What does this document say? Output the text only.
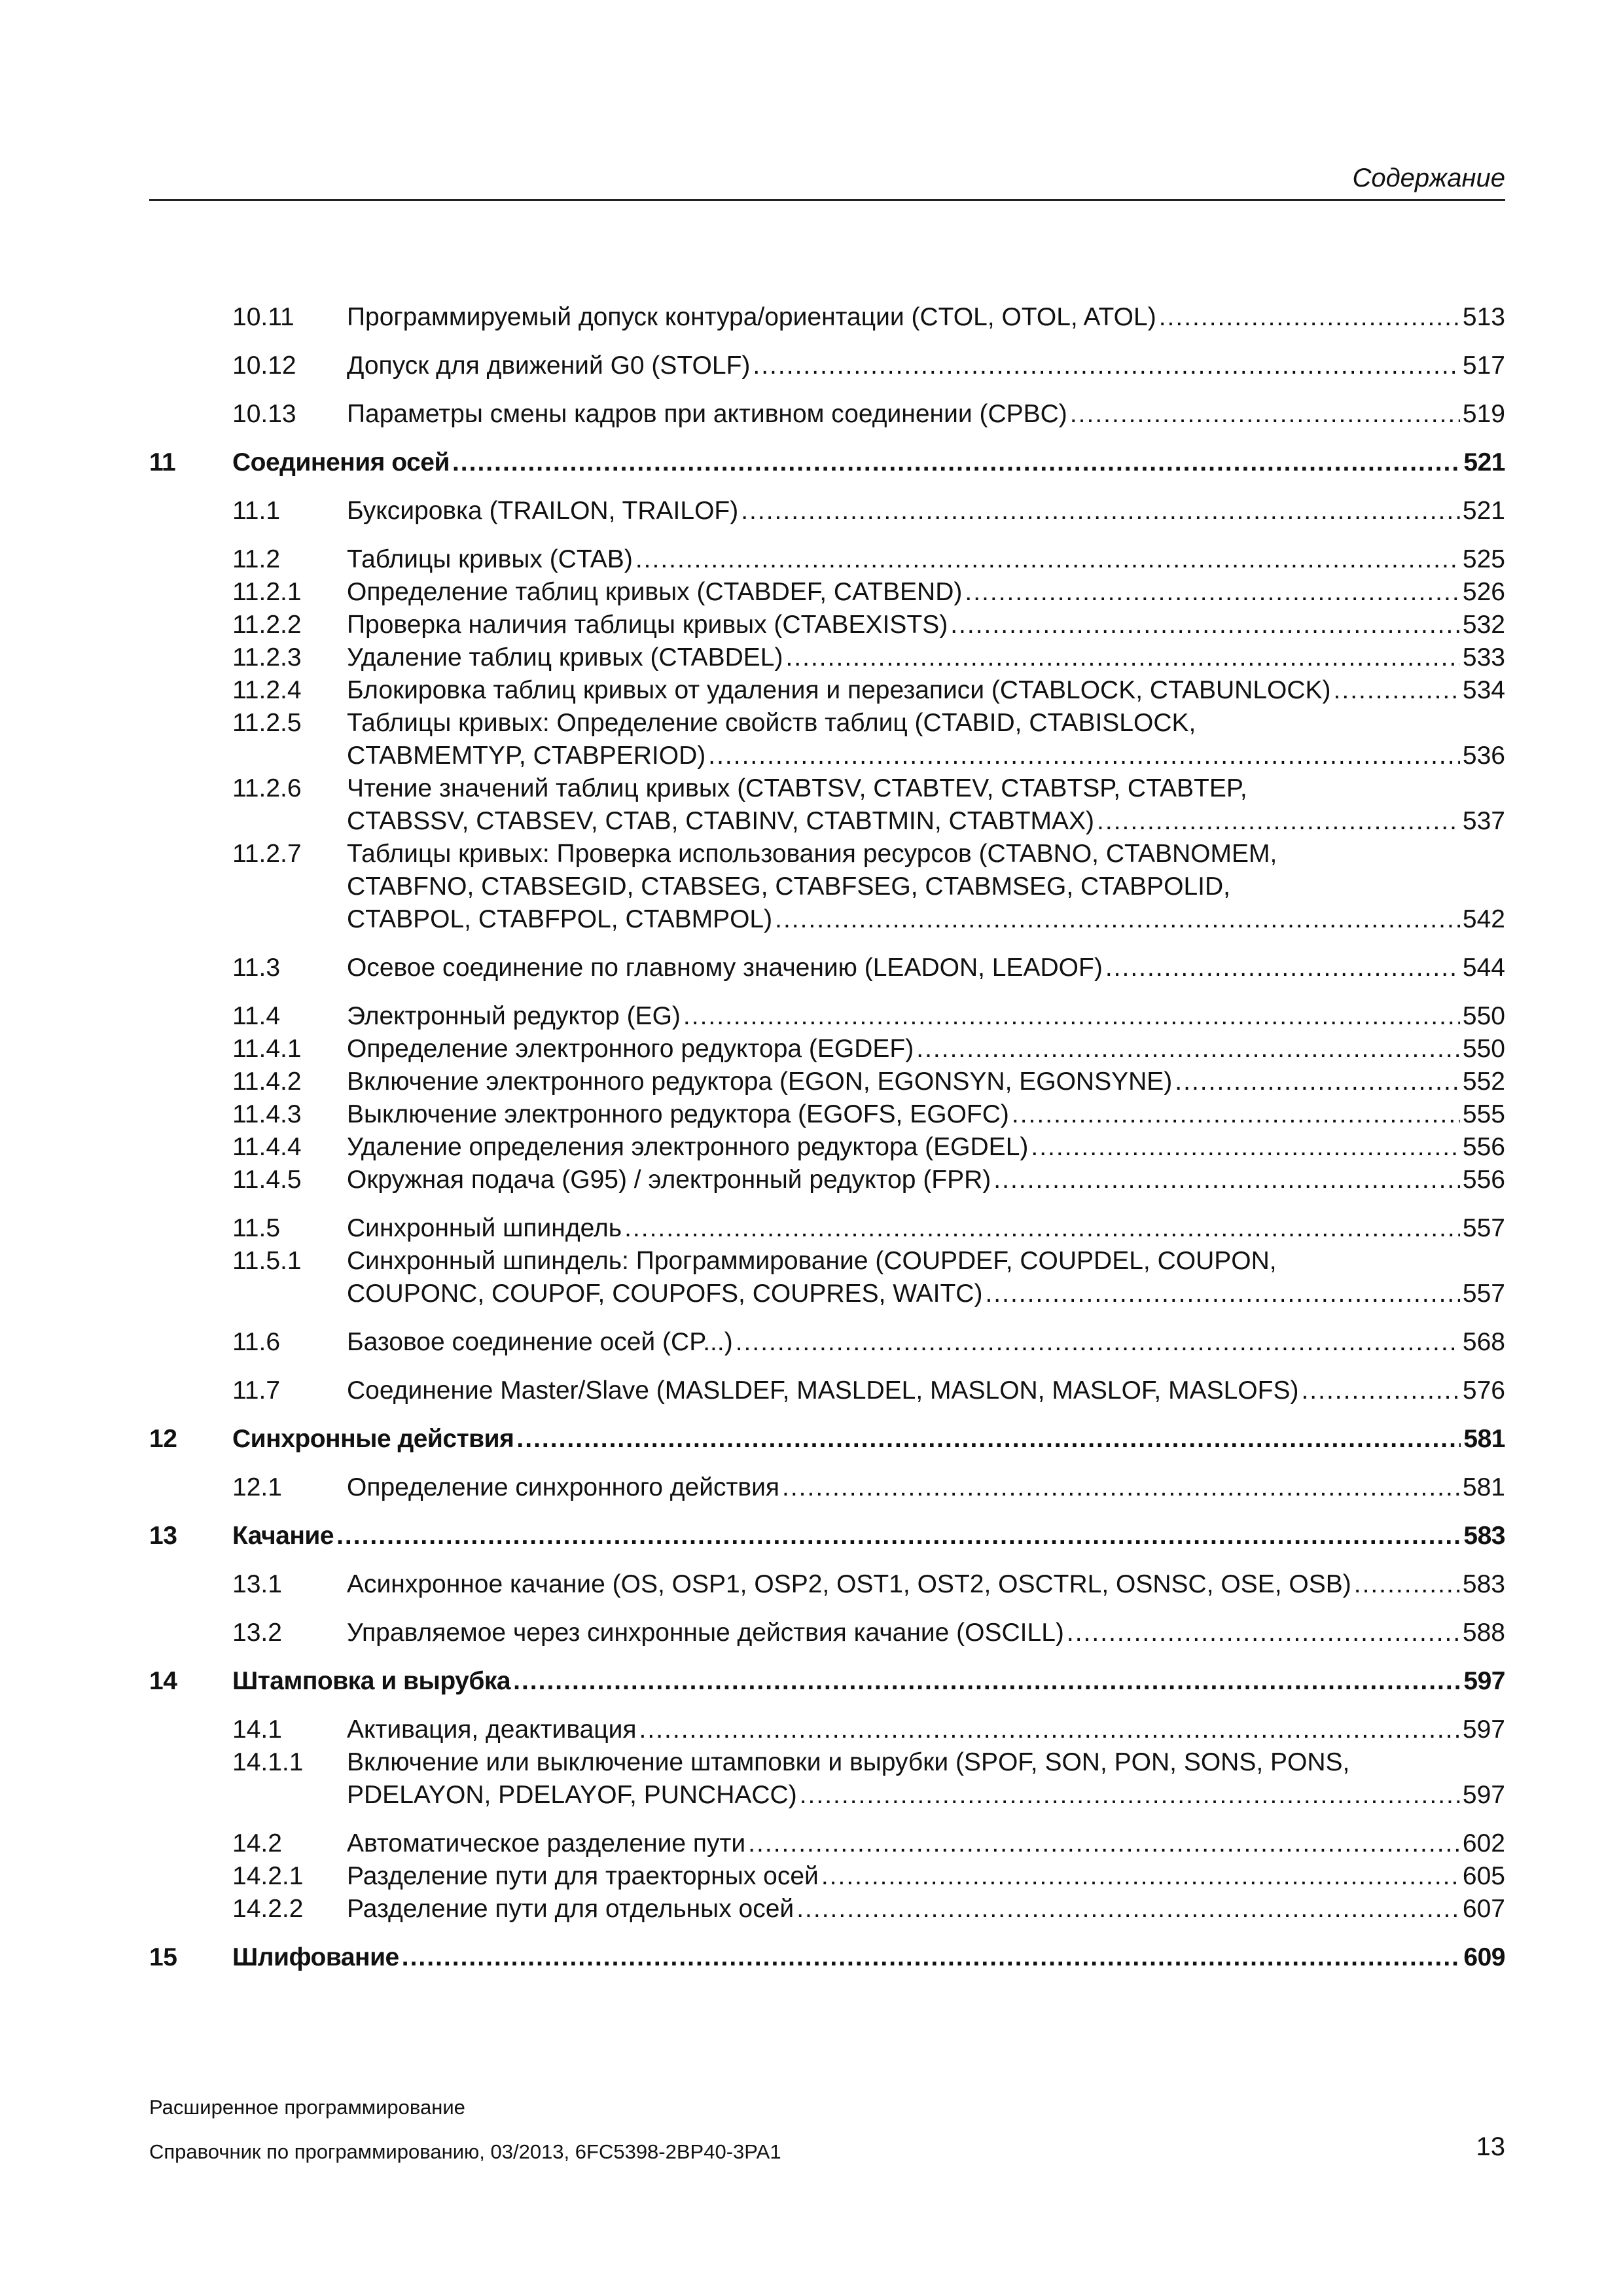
Содержание
10.11 Программируемый допуск контура/ориентации (CTOL, OTOL, ATOL) .....	513
10.12 Допуск для движений G0 (STOLF) .....	517
10.13 Параметры смены кадров при активном соединении (CPBC) .....	519
11 Соединения осей .....	521
11.1	Буксировка (TRAILON, TRAILOF) .....	521
11.2	Таблицы кривых (CTAB) .....	525
11.2.1 Определение таблиц кривых (CTABDEF, CATBEND) .....	526
11.2.2 Проверка наличия таблицы кривых (CTABEXISTS) .....	532
11.2.3 Удаление таблиц кривых (CTABDEL) .....	533
11.2.4 Блокировка таблиц кривых от удаления и перезаписи (CTABLOCK, CTABUNLOCK) .....	534
11.2.5 Таблицы кривых: Определение свойств таблиц (CTABID, CTABISLOCK,
CTABMEMTYP, CTABPERIOD) .....	536
11.2.6 Чтение значений таблиц кривых (CTABTSV, CTABTEV, CTABTSP, CTABTEP,
CTABSSV, CTABSEV, CTAB, CTABINV, CTABTMIN, CTABTMAX) .....	537
11.2.7 Таблицы кривых: Проверка использования ресурсов (CTABNO, CTABNOMEM,
CTABFNO, CTABSEGID, CTABSEG, CTABFSEG, CTABMSEG, CTABPOLID,
CTABPOL, CTABFPOL, CTABMPOL) .....	542
11.3	Осевое соединение по главному значению (LEADON, LEADOF) .....	544
11.4	Электронный редуктор (EG) .....	550
11.4.1 Определение электронного редуктора (EGDEF) .....	550
11.4.2 Включение электронного редуктора (EGON, EGONSYN, EGONSYNE) .....	552
11.4.3 Выключение электронного редуктора (EGOFS, EGOFC) .....	555
11.4.4 Удаление определения электронного редуктора (EGDEL) .....	556
11.4.5 Окружная подача (G95) / электронный редуктор (FPR) .....	556
11.5	Синхронный шпиндель .....	557
11.5.1 Синхронный шпиндель: Программирование (COUPDEF, COUPDEL, COUPON,
COUPONC, COUPOF, COUPOFS, COUPRES, WAITC) .....	557
11.6	Базовое соединение осей (CP...) .....	568
11.7	Соединение Master/Slave (MASLDEF, MASLDEL, MASLON, MASLOF, MASLOFS) .....	576
12 Синхронные действия .....	581
12.1	Определение синхронного действия .....	581
13 Качание .....	583
13.1	Асинхронное качание (OS, OSP1, OSP2, OST1, OST2, OSCTRL, OSNSC, OSE, OSB) .....	583
13.2	Управляемое через синхронные действия качание (OSCILL) .....	588
14 Штамповка и вырубка .....	597
14.1	Активация, деактивация .....	597
14.1.1 Включение или выключение штамповки и вырубки (SPOF, SON, PON, SONS, PONS,
PDELAYON, PDELAYOF, PUNCHACC) .....	597
14.2	Автоматическое разделение пути .....	602
14.2.1 Разделение пути для траекторных осей .....	605
14.2.2 Разделение пути для отдельных осей .....	607
15 Шлифование .....	609
Расширенное программирование
Справочник по программированию, 03/2013, 6FC5398-2BP40-3PA1	13
